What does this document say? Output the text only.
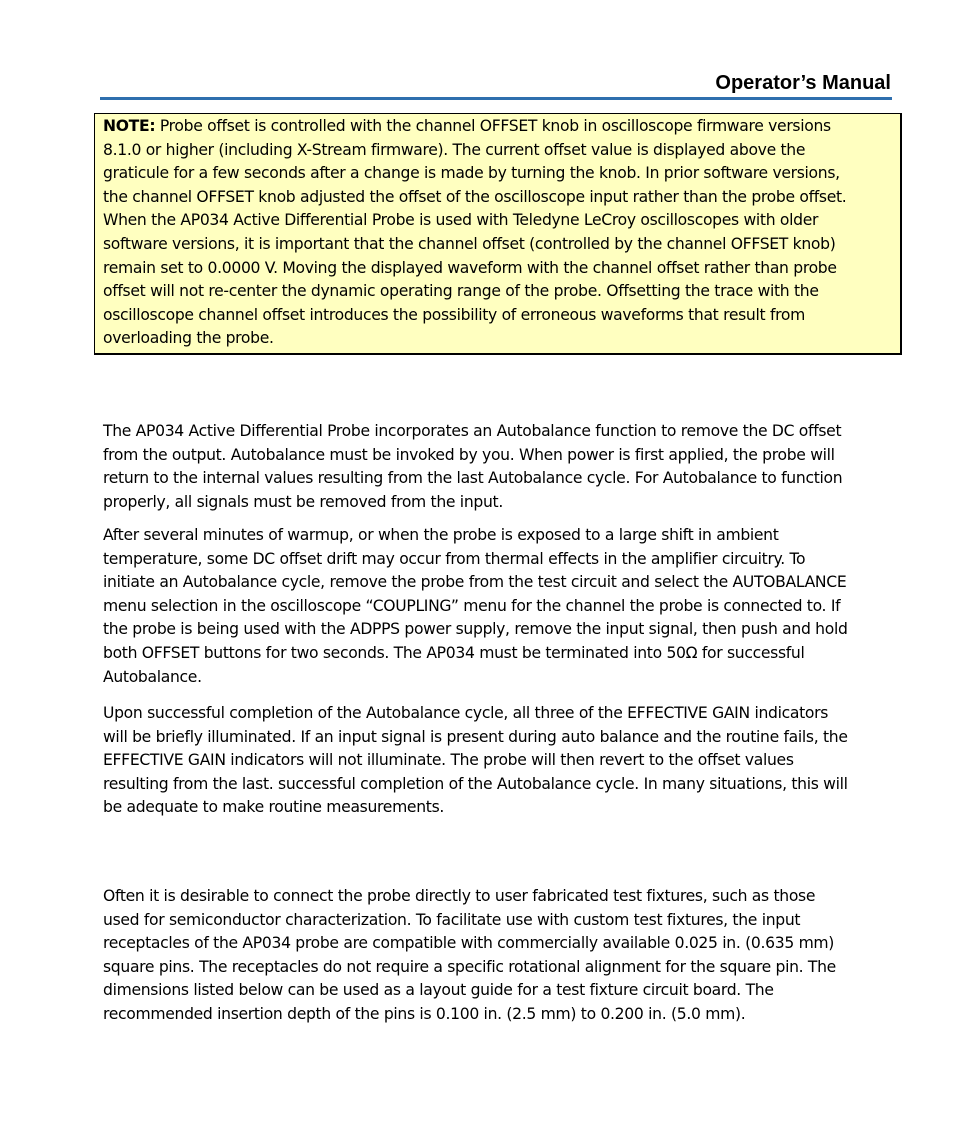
Operator’s Manual

NOTE: Probe offset is controlled with the channel OFFSET knob in oscilloscope firmware versions
8.1.0 or higher (including X-Stream firmware). The current offset value is displayed above the
graticule for a few seconds after a change is made by turning the knob. In prior software versions,
the channel OFFSET knob adjusted the offset of the oscilloscope input rather than the probe offset.
When the AP034 Active Differential Probe is used with Teledyne LeCroy oscilloscopes with older
software versions, it is important that the channel offset (controlled by the channel OFFSET knob)
remain set to 0.0000 V. Moving the displayed waveform with the channel offset rather than probe
offset will not re-center the dynamic operating range of the probe. Offsetting the trace with the
oscilloscope channel offset introduces the possibility of erroneous waveforms that result from
overloading the probe.

The AP034 Active Differential Probe incorporates an Autobalance function to remove the DC offset
from the output. Autobalance must be invoked by you. When power is first applied, the probe will
return to the internal values resulting from the last Autobalance cycle. For Autobalance to function
properly, all signals must be removed from the input.

After several minutes of warmup, or when the probe is exposed to a large shift in ambient
temperature, some DC offset drift may occur from thermal effects in the amplifier circuitry. To
initiate an Autobalance cycle, remove the probe from the test circuit and select the AUTOBALANCE
menu selection in the oscilloscope “COUPLING” menu for the channel the probe is connected to. If
the probe is being used with the ADPPS power supply, remove the input signal, then push and hold
both OFFSET buttons for two seconds. The AP034 must be terminated into 50Ω for successful
Autobalance.

Upon successful completion of the Autobalance cycle, all three of the EFFECTIVE GAIN indicators
will be briefly illuminated. If an input signal is present during auto balance and the routine fails, the
EFFECTIVE GAIN indicators will not illuminate. The probe will then revert to the offset values
resulting from the last. successful completion of the Autobalance cycle. In many situations, this will
be adequate to make routine measurements.

Often it is desirable to connect the probe directly to user fabricated test fixtures, such as those
used for semiconductor characterization. To facilitate use with custom test fixtures, the input
receptacles of the AP034 probe are compatible with commercially available 0.025 in. (0.635 mm)
square pins. The receptacles do not require a specific rotational alignment for the square pin. The
dimensions listed below can be used as a layout guide for a test fixture circuit board. The
recommended insertion depth of the pins is 0.100 in. (2.5 mm) to 0.200 in. (5.0 mm).
